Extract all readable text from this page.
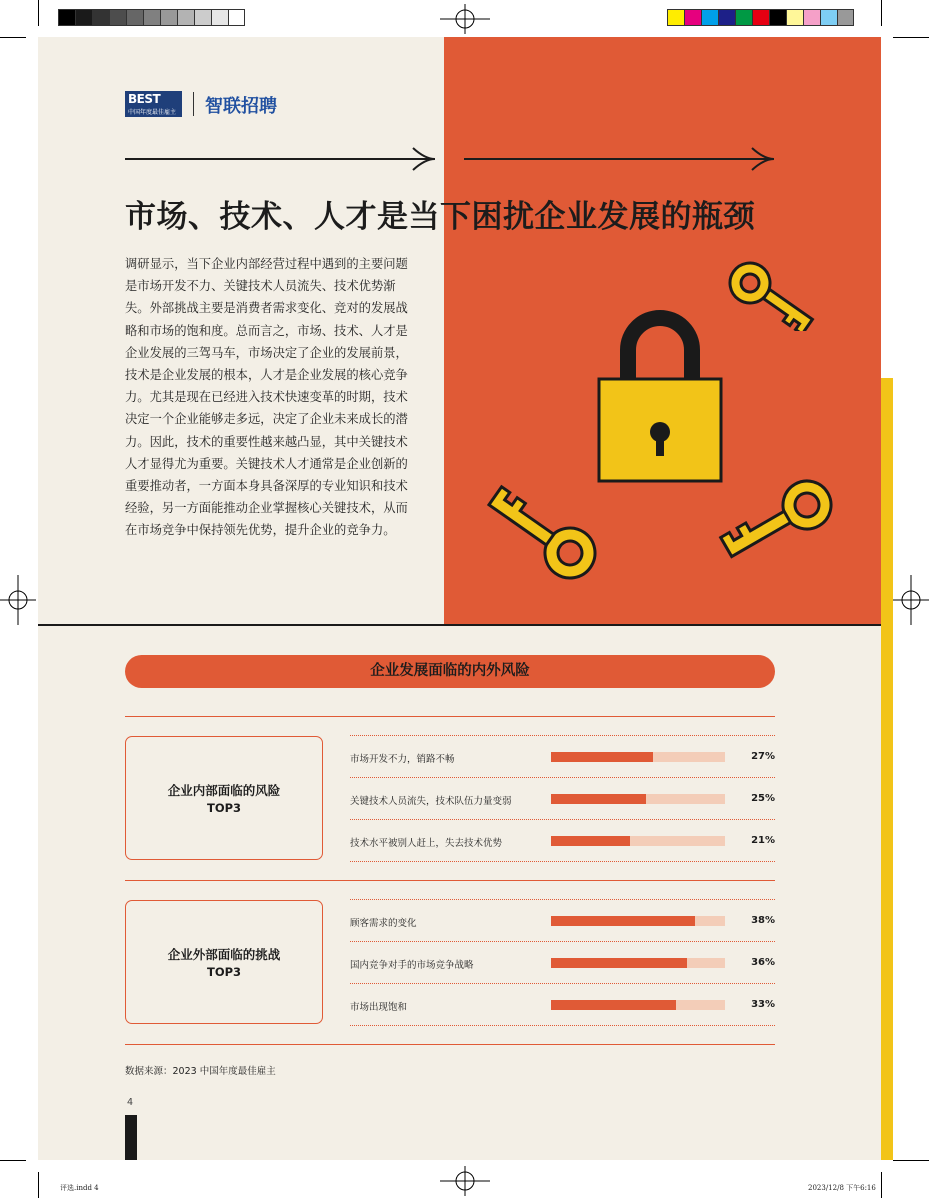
BEST
中国年度最佳雇主 智联招聘
市场、技术、人才是当下困扰企业发展的瓶颈
调研显示，当下企业内部经营过程中遇到的主要问题是市场开发不力、关键技术人员流失、技术优势渐失。外部挑战主要是消费者需求变化、竞对的发展战略和市场的饱和度。总而言之，市场、技术、人才是企业发展的三驾马车，市场决定了企业的发展前景，技术是企业发展的根本，人才是企业发展的核心竞争力。尤其是现在已经进入技术快速变革的时期，技术决定一个企业能够走多远，决定了企业未来成长的潜力。因此，技术的重要性越来越凸显，其中关键技术人才显得尤为重要。关键技术人才通常是企业创新的重要推动者，一方面本身具备深厚的专业知识和技术经验，另一方面能推动企业掌握核心关键技术，从而在市场竞争中保持领先优势，提升企业的竞争力。
企业发展面临的内外风险
企业内部面临的风险
TOP3
市场开发不力，销路不畅	27%
关键技术人员流失，技术队伍力量变弱	25%
技术水平被别人赶上，失去技术优势	21%
企业外部面临的挑战
TOP3
顾客需求的变化	38%
国内竞争对手的市场竞争战略	36%
市场出现饱和	33%
数据来源：2023 中国年度最佳雇主
4
评选.indd 4	2023/12/8 下午6:16
